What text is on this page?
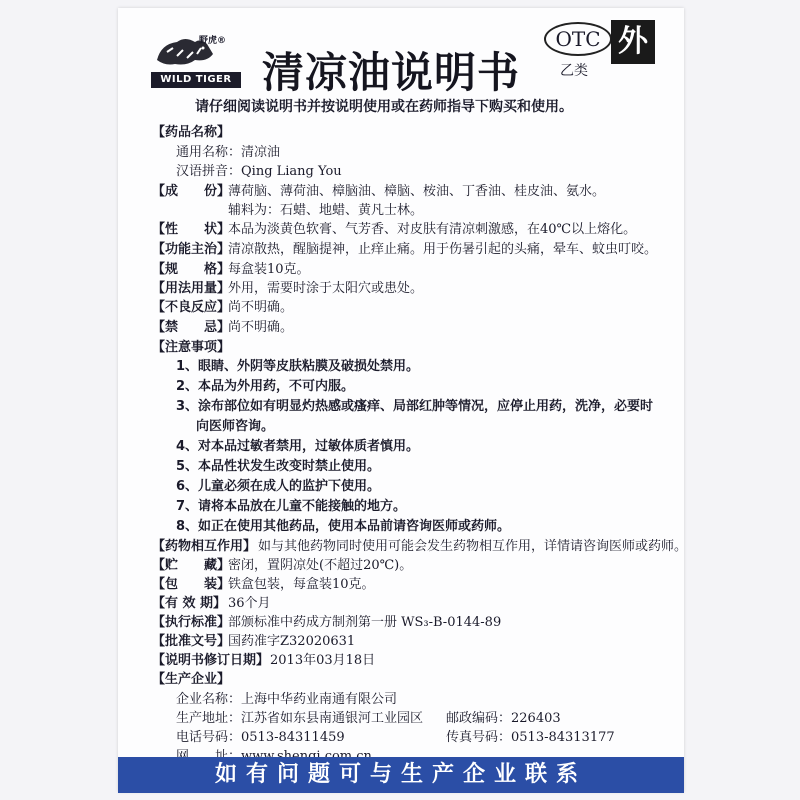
野虎®
WILD TIGER 清凉油说明书
OTC
乙类
外
请仔细阅读说明书并按说明使用或在药师指导下购买和使用。
【药品名称】
通用名称：清凉油
汉语拼音：Qing Liang You
【成　　份】
薄荷脑、薄荷油、樟脑油、樟脑、桉油、丁香油、桂皮油、氨水。
辅料为：石蜡、地蜡、黄凡士林。
【性　　状】
本品为淡黄色软膏、气芳香、对皮肤有清凉刺激感，在40℃以上熔化。
【功能主治】
清凉散热，醒脑提神，止痒止痛。用于伤暑引起的头痛，晕车、蚊虫叮咬。
【规　　格】
每盒装10克。
【用法用量】
外用，需要时涂于太阳穴或患处。
【不良反应】
尚不明确。
【禁　　忌】
尚不明确。
【注意事项】
1、眼睛、外阴等皮肤粘膜及破损处禁用。
2、本品为外用药，不可内服。
3、涂布部位如有明显灼热感或瘙痒、局部红肿等情况，应停止用药，洗净，必要时
向医师咨询。
4、对本品过敏者禁用，过敏体质者慎用。
5、本品性状发生改变时禁止使用。
6、儿童必须在成人的监护下使用。
7、请将本品放在儿童不能接触的地方。
8、如正在使用其他药品，使用本品前请咨询医师或药师。
【药物相互作用】 如与其他药物同时使用可能会发生药物相互作用，详情请咨询医师或药师。
【贮　　藏】
密闭，置阴凉处(不超过20℃)。
【包　　装】
铁盒包装，每盒装10克。
【有 效 期】 36个月
【执行标准】
部颁标准中药成方制剂第一册 WS₃-B-0144-89
【批准文号】
国药准字Z32020631
【说明书修订日期】 2013年03月18日
【生产企业】
企业名称：上海中华药业南通有限公司
生产地址：江苏省如东县南通银河工业园区 邮政编码：226403
电话号码：0513-84311459	传真号码：0513-84313177
如有问题可与生产企业联系
